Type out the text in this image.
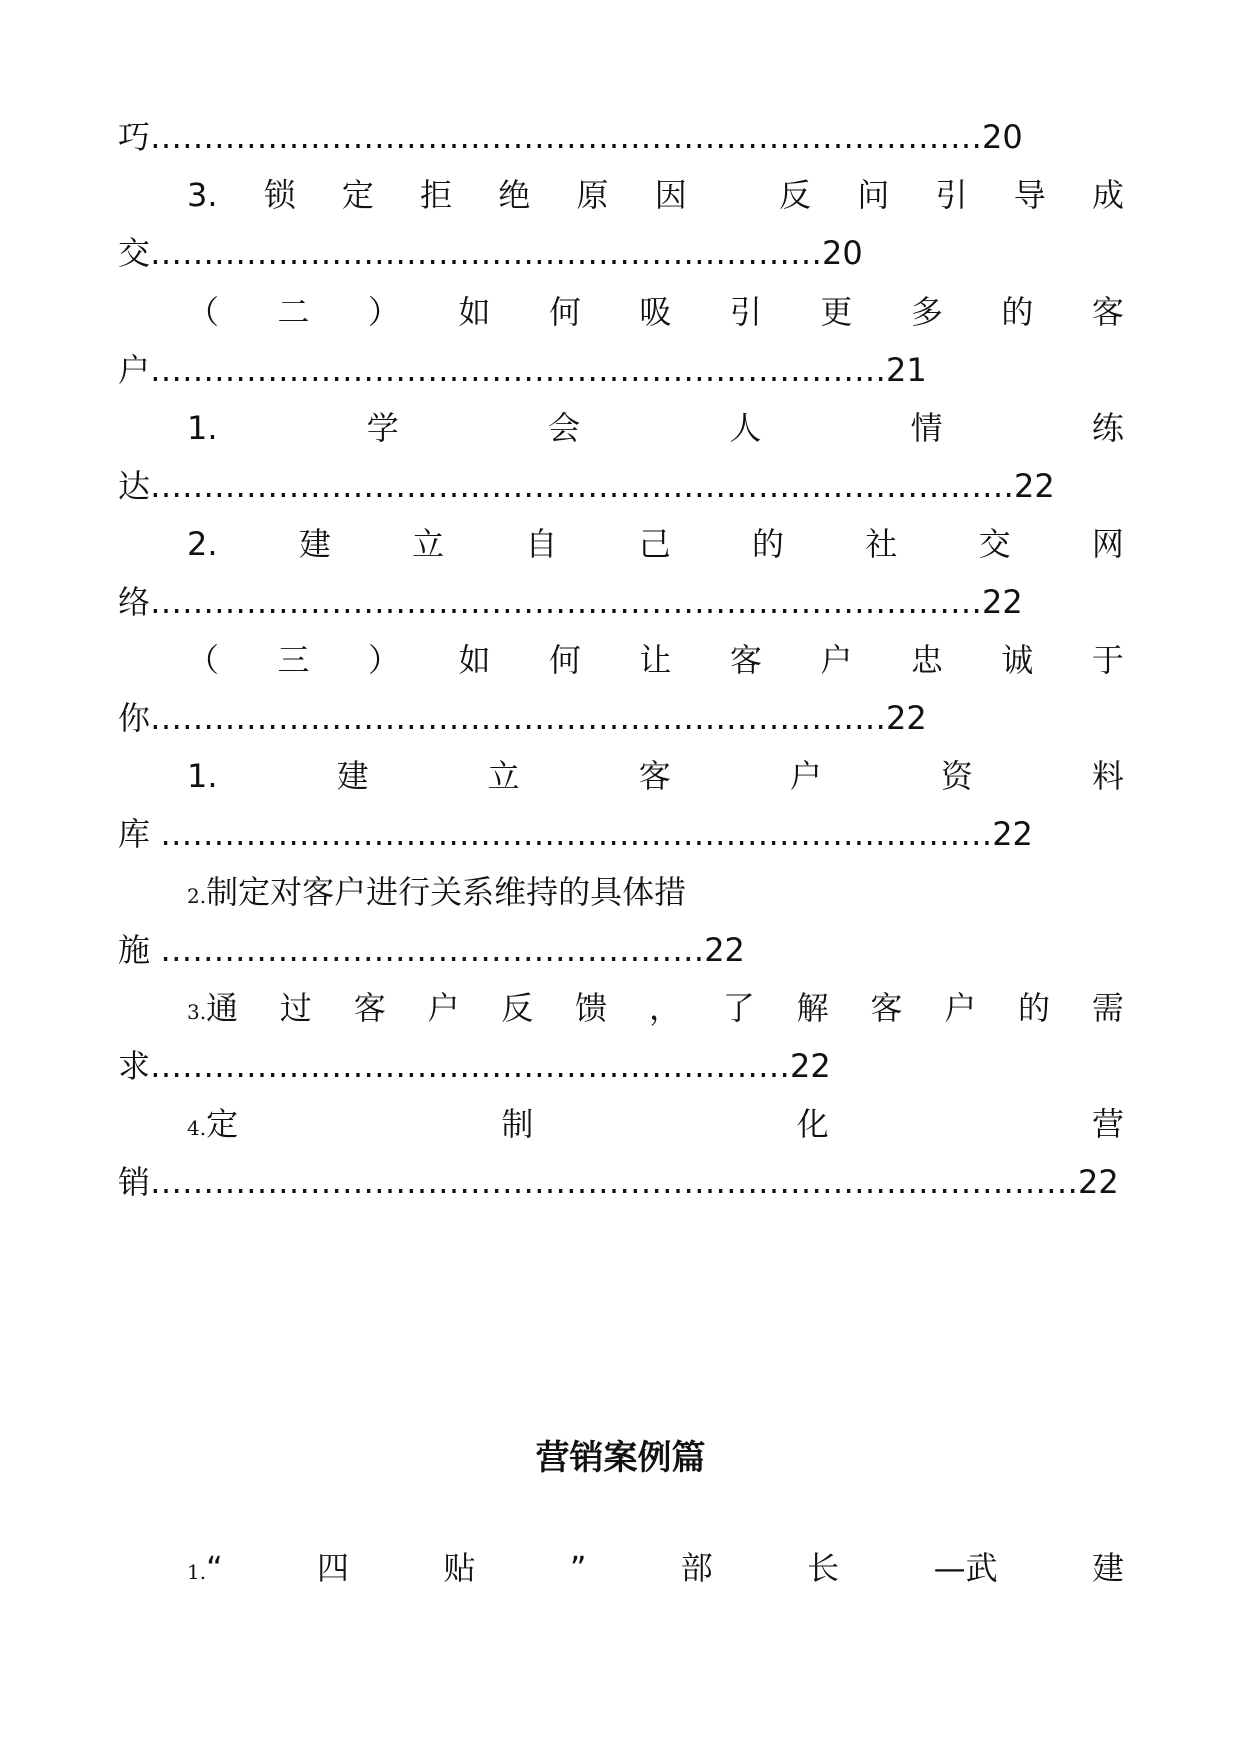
巧……………………………………………………………………20
3. 锁 定 拒 绝 原 因	反 问 引 导 成
交………………………………………………………20
（ 二 ） 如 何 吸 引 更 多 的 客
户……………………………………………………………21
1.	学	会	人	情	练
达………………………………………………………………………22
2.	建	立	自	己	的	社	交	网
络……………………………………………………………………22
（ 三 ） 如 何 让 客 户 忠 诚 于
你……………………………………………………………22
1.	建	立	客	户	资	料
库 ……………………………………………………………………22
2.制定对客户进行关系维持的具体措
施 ……………………………………………22
3.通 过 客 户 反 馈 ， 了 解 客 户 的 需
求……………………………………………………22
4.定	制	化	营
销……………………………………………………………………………22
营销案例篇
1.“	四	贴	”	部	长	—武	建
